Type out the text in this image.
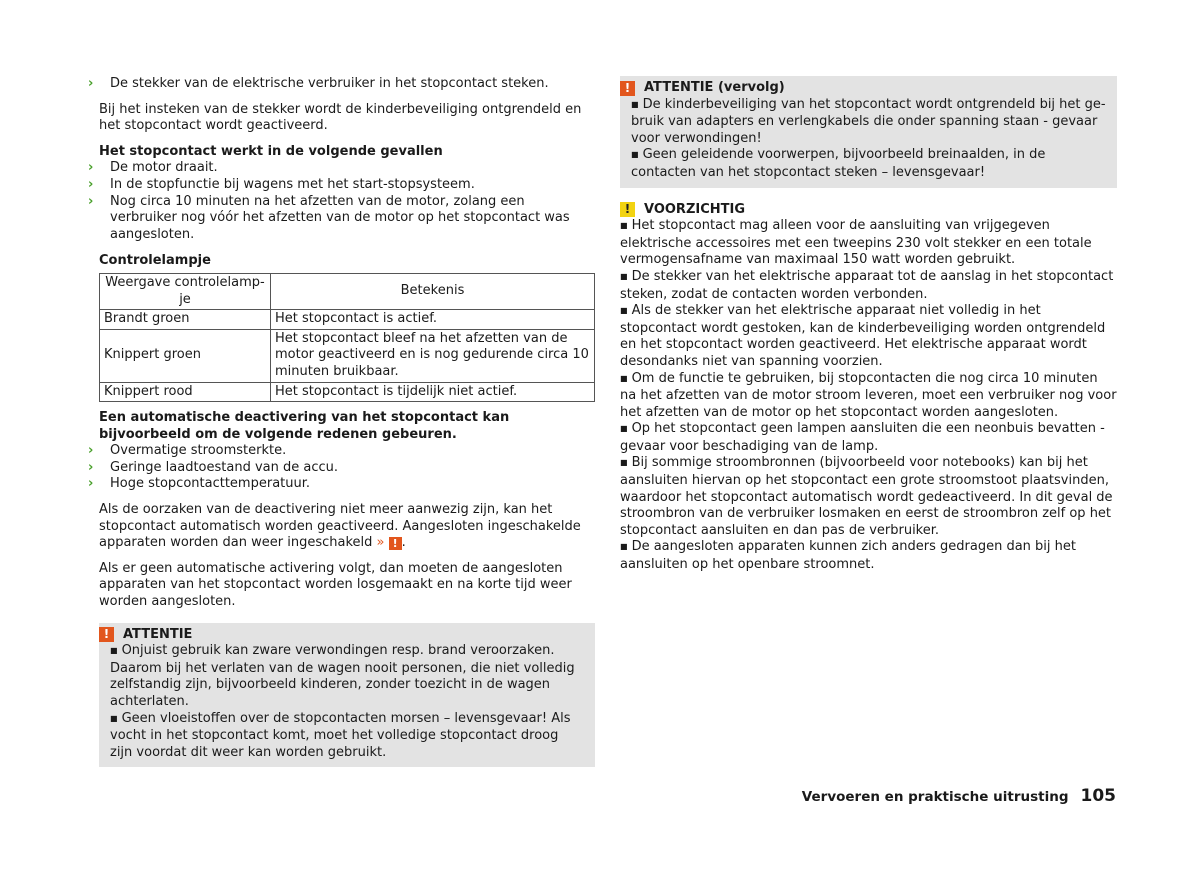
› De stekker van de elektrische verbruiker in het stopcontact steken.

Bij het insteken van de stekker wordt de kinderbeveiliging ontgrendeld en het stopcontact wordt geactiveerd.

Het stopcontact werkt in de volgende gevallen

› De motor draait.

› In de stopfunctie bij wagens met het start-stopsysteem.

› Nog circa 10 minuten na het afzetten van de motor, zolang een verbruiker nog vóór het afzetten van de motor op het stopcontact was aangesloten.

Controlelampje

Weergave controlelampje	Betekenis
Brandt groen	Het stopcontact is actief.
Knippert groen	Het stopcontact bleef na het afzetten van de motor geactiveerd en is nog gedurende circa 10 minuten bruikbaar.
Knippert rood	Het stopcontact is tijdelijk niet actief.

Een automatische deactivering van het stopcontact kan bijvoorbeeld om de volgende redenen gebeuren.

› Overmatige stroomsterkte.

› Geringe laadtoestand van de accu.

› Hoge stopcontacttemperatuur.

Als de oorzaken van de deactivering niet meer aanwezig zijn, kan het stopcontact automatisch worden geactiveerd. Aangesloten ingeschakelde apparaten worden dan weer ingeschakeld » ! .

Als er geen automatische activering volgt, dan moeten de aangesloten apparaten van het stopcontact worden losgemaakt en na korte tijd weer worden aangesloten.

!	ATTENTIE

■ Onjuist gebruik kan zware verwondingen resp. brand veroorzaken. Daarom bij het verlaten van de wagen nooit personen, die niet volledig zelfstandig zijn, bijvoorbeeld kinderen, zonder toezicht in de wagen achterlaten.

■ Geen vloeistoffen over de stopcontacten morsen – levensgevaar! Als vocht in het stopcontact komt, moet het volledige stopcontact droog zijn voordat dit weer kan worden gebruikt.

!	ATTENTIE (vervolg)

■ De kinderbeveiliging van het stopcontact wordt ontgrendeld bij het gebruik van adapters en verlengkabels die onder spanning staan - gevaar voor verwondingen!

■ Geen geleidende voorwerpen, bijvoorbeeld breinaalden, in de contacten van het stopcontact steken – levensgevaar!

!	VOORZICHTIG

■ Het stopcontact mag alleen voor de aansluiting van vrijgegeven elektrische accessoires met een tweepins 230 volt stekker en een totale vermogensafname van maximaal 150 watt worden gebruikt.

■ De stekker van het elektrische apparaat tot de aanslag in het stopcontact steken, zodat de contacten worden verbonden.

■ Als de stekker van het elektrische apparaat niet volledig in het stopcontact wordt gestoken, kan de kinderbeveiliging worden ontgrendeld en het stopcontact worden geactiveerd. Het elektrische apparaat wordt desondanks niet van spanning voorzien.

■ Om de functie te gebruiken, bij stopcontacten die nog circa 10 minuten na het afzetten van de motor stroom leveren, moet een verbruiker nog voor het afzetten van de motor op het stopcontact worden aangesloten.

■ Op het stopcontact geen lampen aansluiten die een neonbuis bevatten - gevaar voor beschadiging van de lamp.

■ Bij sommige stroombronnen (bijvoorbeeld voor notebooks) kan bij het aansluiten hiervan op het stopcontact een grote stroomstoot plaatsvinden, waardoor het stopcontact automatisch wordt gedeactiveerd. In dit geval de stroombron van de verbruiker losmaken en eerst de stroombron zelf op het stopcontact aansluiten en dan pas de verbruiker.

■ De aangesloten apparaten kunnen zich anders gedragen dan bij het aansluiten op het openbare stroomnet.

Vervoeren en praktische uitrusting 105
